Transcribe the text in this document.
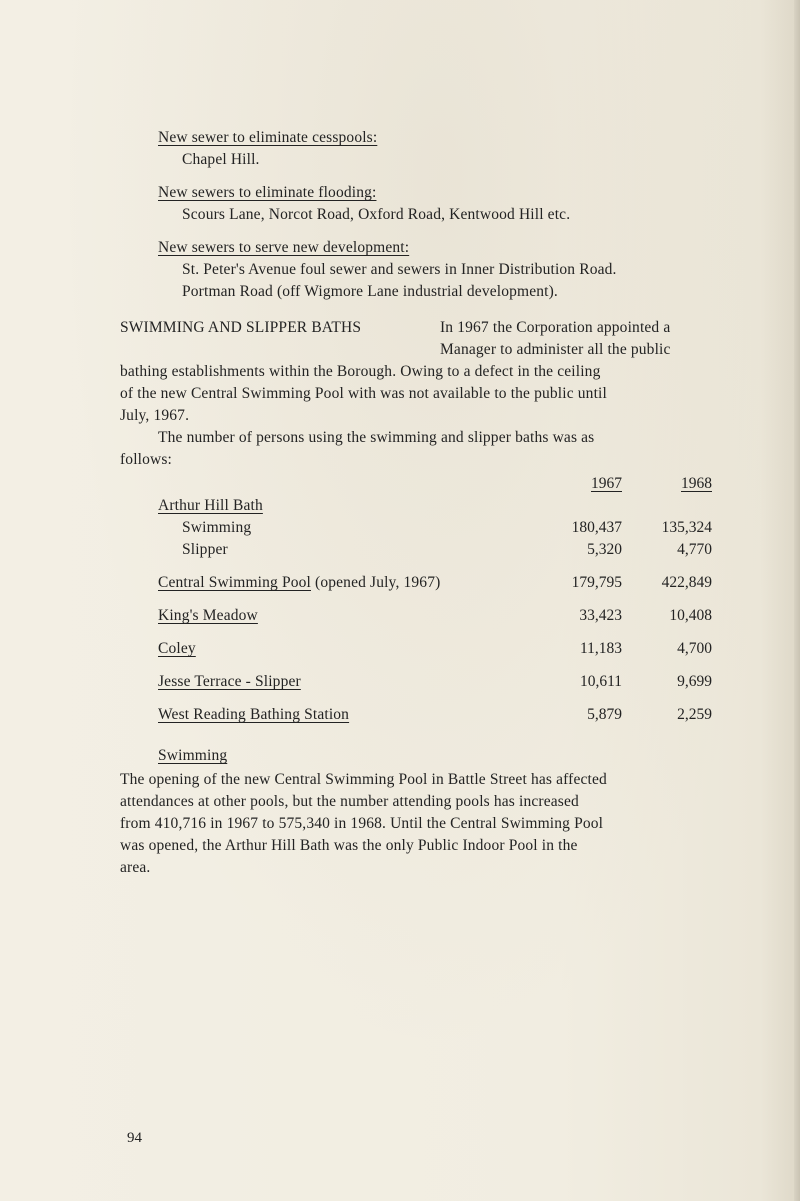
New sewer to eliminate cesspools:
Chapel Hill.
New sewers to eliminate flooding:
Scours Lane, Norcot Road, Oxford Road, Kentwood Hill etc.
New sewers to serve new development:
St. Peter's Avenue foul sewer and sewers in Inner Distribution Road.
Portman Road (off Wigmore Lane industrial development).
SWIMMING AND SLIPPER BATHS	In 1967 the Corporation appointed a
Manager to administer all the public
bathing establishments within the Borough. Owing to a defect in the ceiling
of the new Central Swimming Pool with was not available to the public until
July, 1967.
The number of persons using the swimming and slipper baths was as
follows:
1967	1968
Arthur Hill Bath
Swimming	180,437	135,324
Slipper	5,320	4,770
Central Swimming Pool (opened July, 1967)	179,795	422,849
King's Meadow	33,423	10,408
Coley	11,183	4,700
Jesse Terrace - Slipper	10,611	9,699
West Reading Bathing Station	5,879	2,259
Swimming
The opening of the new Central Swimming Pool in Battle Street has affected
attendances at other pools, but the number attending pools has increased
from 410,716 in 1967 to 575,340 in 1968. Until the Central Swimming Pool
was opened, the Arthur Hill Bath was the only Public Indoor Pool in the
area.
94
